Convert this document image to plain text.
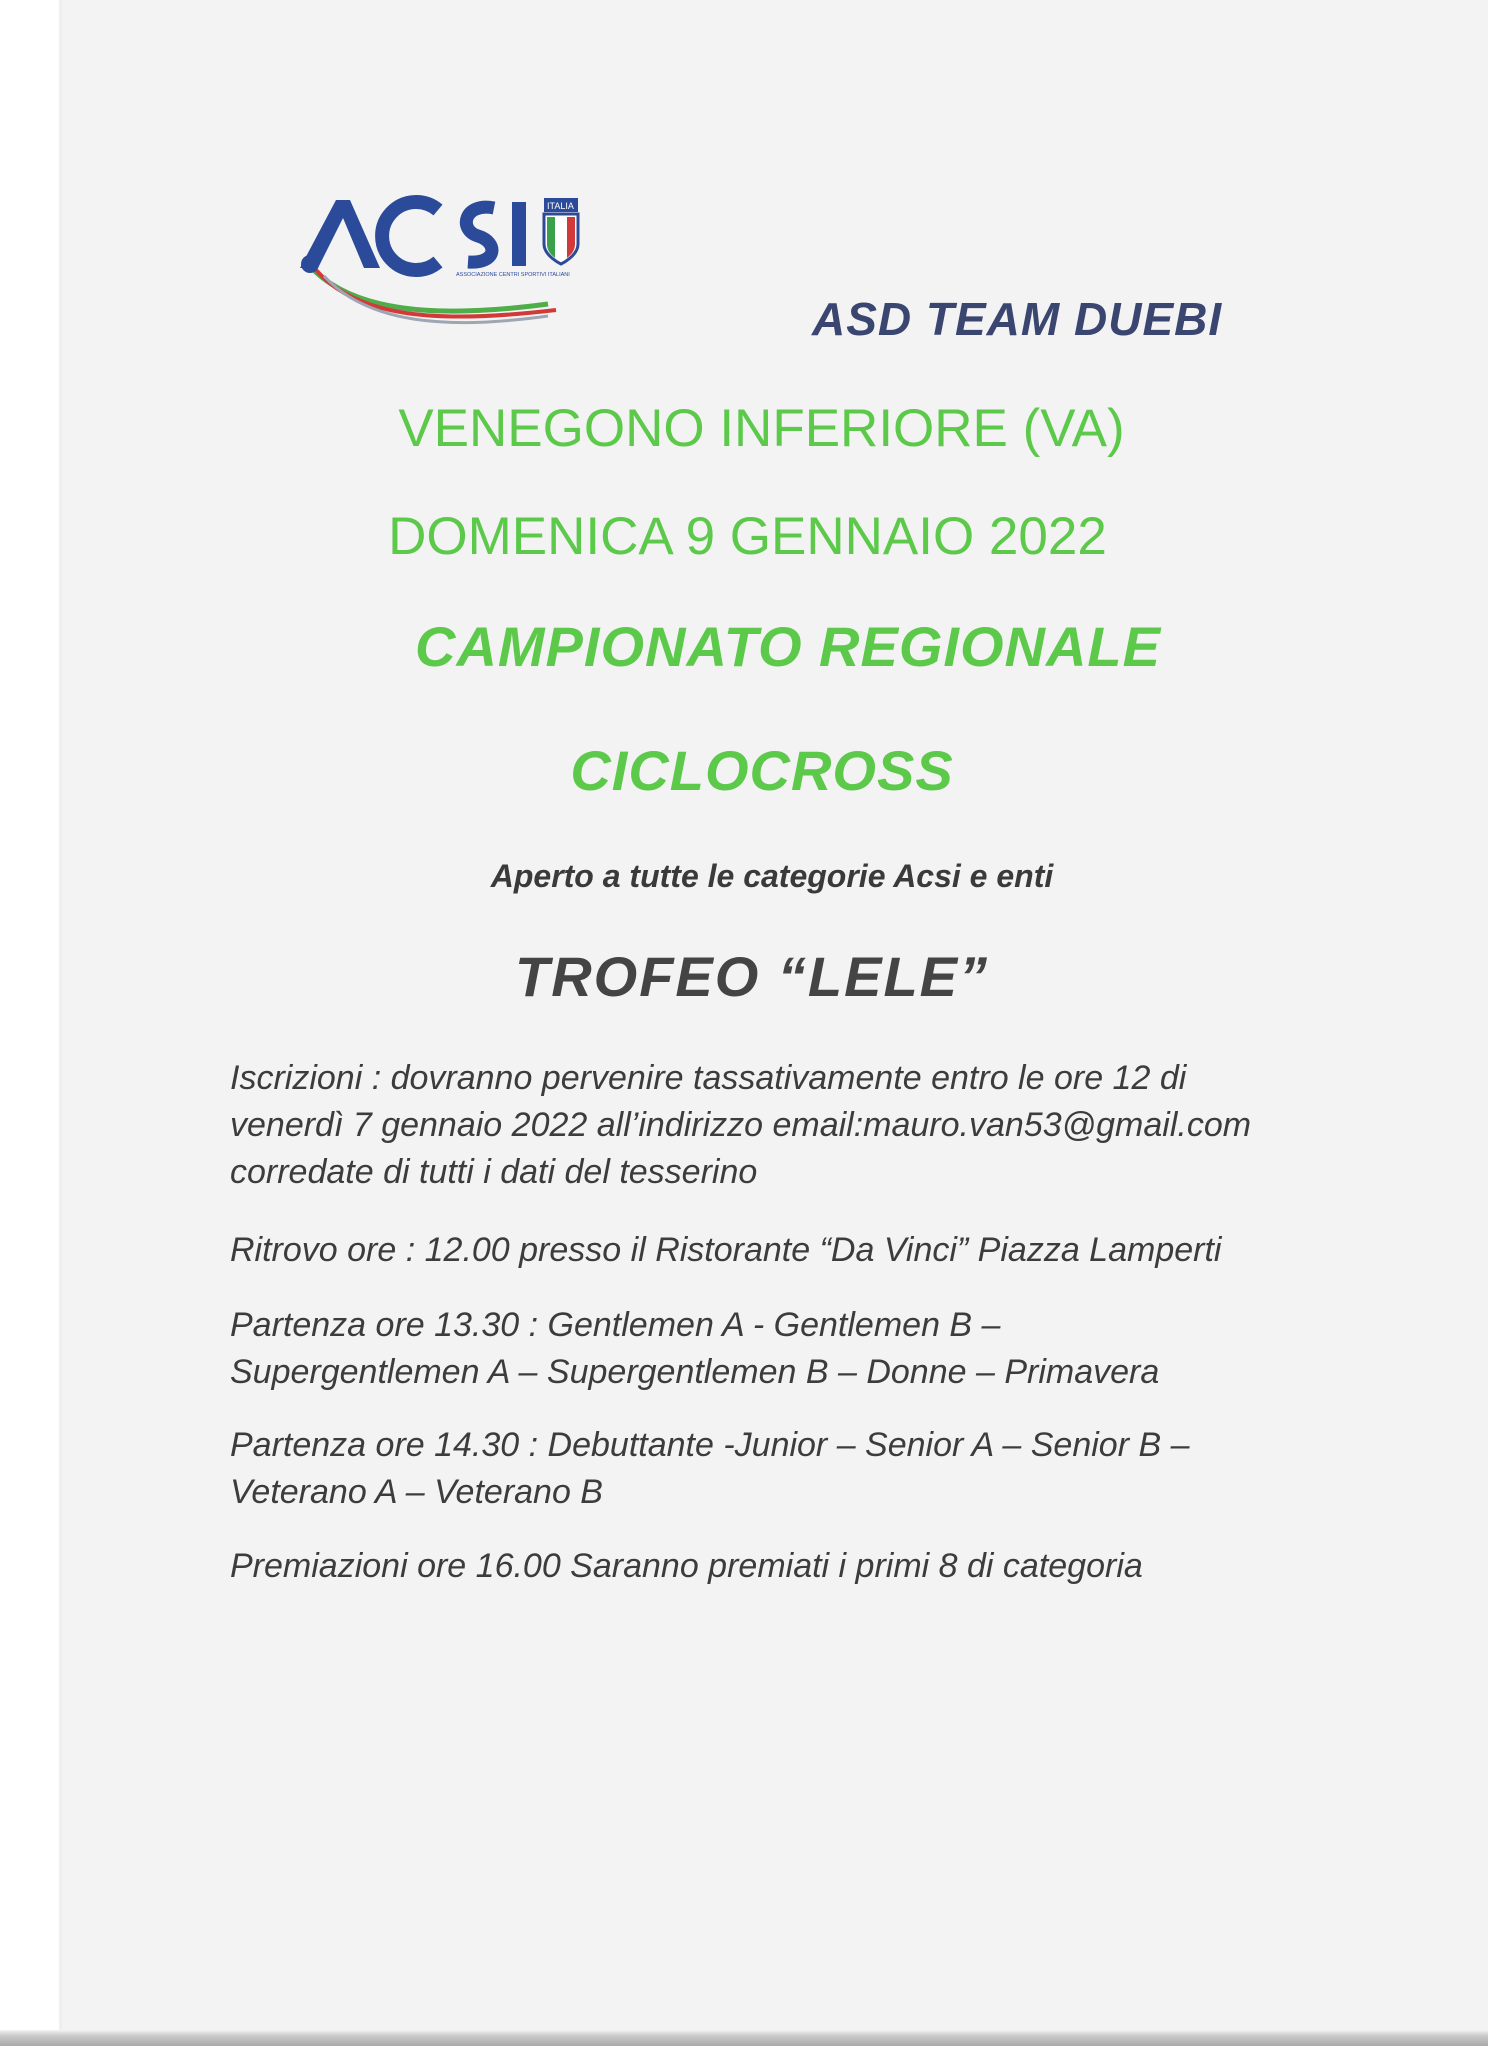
ASSOCIAZIONE CENTRI SPORTIVI ITALIANI
ITALIA
ASD TEAM DUEBI
VENEGONO INFERIORE (VA)
DOMENICA 9 GENNAIO 2022
CAMPIONATO REGIONALE
CICLOCROSS
Aperto a tutte le categorie Acsi e enti
TROFEO “LELE”

Iscrizioni : dovranno pervenire tassativamente entro le ore 12 di

venerdì 7 gennaio 2022 all’indirizzo email:mauro.van53@gmail.com

corredate di tutti i dati del tesserino

Ritrovo ore : 12.00 presso il Ristorante “Da Vinci” Piazza Lamperti

Partenza ore 13.30 : Gentlemen A - Gentlemen B –

Supergentlemen A – Supergentlemen B – Donne – Primavera

Partenza ore 14.30 : Debuttante -Junior – Senior A – Senior B –

Veterano A – Veterano B

Premiazioni ore 16.00 Saranno premiati i primi 8 di categoria
